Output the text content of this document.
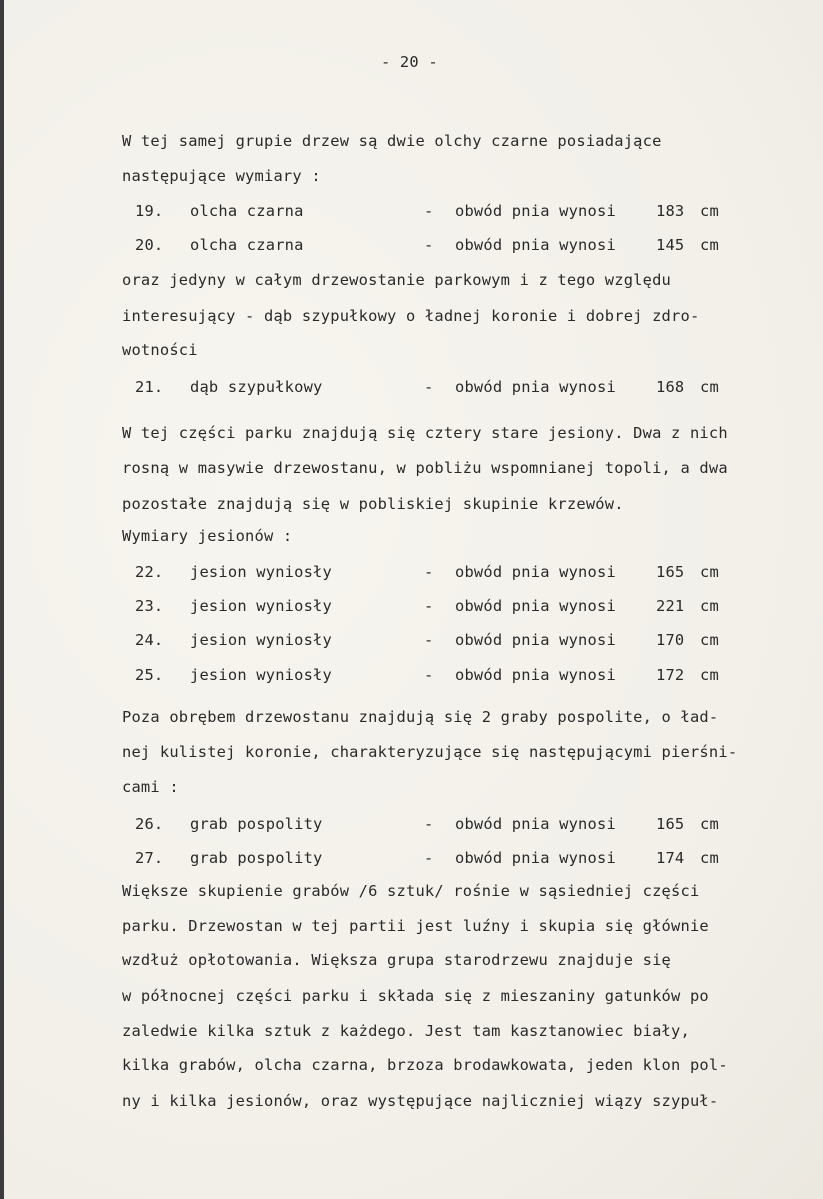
- 20 -
W tej samej grupie drzew są dwie olchy czarne posiadające
następujące wymiary :
19. olcha czarna	- obwód pnia wynosi	183 cm
20. olcha czarna	- obwód pnia wynosi	145 cm
oraz jedyny w całym drzewostanie parkowym i z tego względu
interesujący - dąb szypułkowy o ładnej koronie i dobrej zdro-
wotności
21. dąb szypułkowy	- obwód pnia wynosi	168 cm
W tej części parku znajdują się cztery stare jesiony. Dwa z nich
rosną w masywie drzewostanu, w pobliżu wspomnianej topoli, a dwa
pozostałe znajdują się w pobliskiej skupinie krzewów.
Wymiary jesionów :
22. jesion wyniosły	- obwód pnia wynosi	165 cm
23. jesion wyniosły	- obwód pnia wynosi	221 cm
24. jesion wyniosły	- obwód pnia wynosi	170 cm
25. jesion wyniosły	- obwód pnia wynosi	172 cm
Poza obrębem drzewostanu znajdują się 2 graby pospolite, o ład-
nej kulistej koronie, charakteryzujące się następującymi pierśni-
cami :
26. grab pospolity	- obwód pnia wynosi	165 cm
27. grab pospolity	- obwód pnia wynosi	174 cm
Większe skupienie grabów /6 sztuk/ rośnie w sąsiedniej części
parku. Drzewostan w tej partii jest luźny i skupia się głównie
wzdłuż opłotowania. Większa grupa starodrzewu znajduje się
w północnej części parku i składa się z mieszaniny gatunków po
zaledwie kilka sztuk z każdego. Jest tam kasztanowiec biały,
kilka grabów, olcha czarna, brzoza brodawkowata, jeden klon pol-
ny i kilka jesionów, oraz występujące najliczniej wiązy szypuł-
